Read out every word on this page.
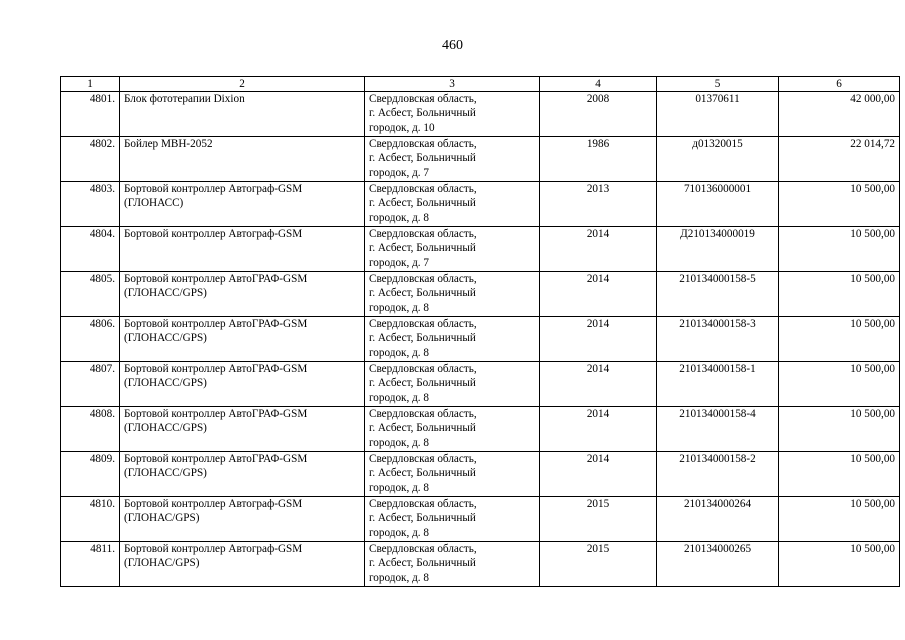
460
1	2	3	4	5	6
4801.	Блок фототерапии Dixion	Свердловская область,
г. Асбест, Больничный
городок, д. 10	2008	01370611	42 000,00
4802.	Бойлер МВН-2052	Свердловская область,
г. Асбест, Больничный
городок, д. 7	1986	д01320015	22 014,72
4803.	Бортовой контроллер Автограф-GSM
(ГЛОНАСС)	Свердловская область,
г. Асбест, Больничный
городок, д. 8	2013	710136000001	10 500,00
4804.	Бортовой контроллер Автограф-GSM	Свердловская область,
г. Асбест, Больничный
городок, д. 7	2014	Д210134000019	10 500,00
4805.	Бортовой контроллер АвтоГРАФ-GSM
(ГЛОНАСС/GPS)	Свердловская область,
г. Асбест, Больничный
городок, д. 8	2014	210134000158-5	10 500,00
4806.	Бортовой контроллер АвтоГРАФ-GSM
(ГЛОНАСС/GPS)	Свердловская область,
г. Асбест, Больничный
городок, д. 8	2014	210134000158-3	10 500,00
4807.	Бортовой контроллер АвтоГРАФ-GSM
(ГЛОНАСС/GPS)	Свердловская область,
г. Асбест, Больничный
городок, д. 8	2014	210134000158-1	10 500,00
4808.	Бортовой контроллер АвтоГРАФ-GSM
(ГЛОНАСС/GPS)	Свердловская область,
г. Асбест, Больничный
городок, д. 8	2014	210134000158-4	10 500,00
4809.	Бортовой контроллер АвтоГРАФ-GSM
(ГЛОНАСС/GPS)	Свердловская область,
г. Асбест, Больничный
городок, д. 8	2014	210134000158-2	10 500,00
4810.	Бортовой контроллер Автограф-GSM
(ГЛОНАС/GPS)	Свердловская область,
г. Асбест, Больничный
городок, д. 8	2015	210134000264	10 500,00
4811.	Бортовой контроллер Автограф-GSM
(ГЛОНАС/GPS)	Свердловская область,
г. Асбест, Больничный
городок, д. 8	2015	210134000265	10 500,00
